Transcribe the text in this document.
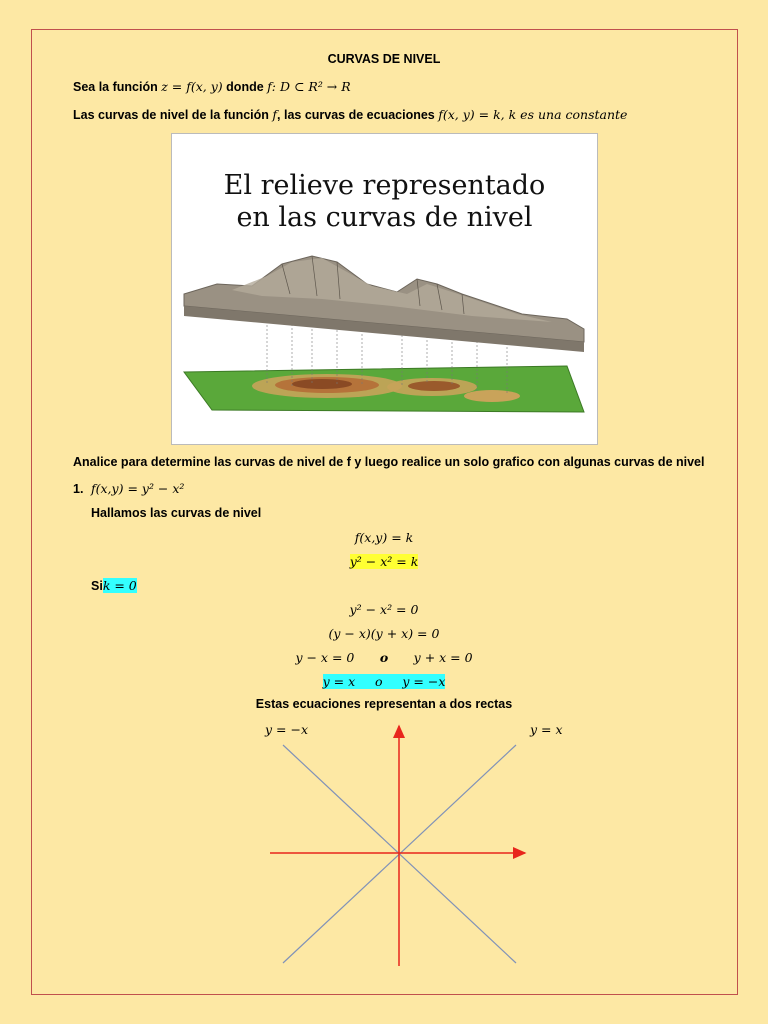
CURVAS DE NIVEL
Sea la función z = f(x, y) donde f: D ⊂ R² → R
Las curvas de nivel de la función f, las curvas de ecuaciones f(x, y) = k, k es una constante
El relieve representado
en las curvas de nivel
Analice para determine las curvas de nivel de f y luego realice un solo grafico con algunas curvas de nivel
1. f(x,y) = y² − x²
Hallamos las curvas de nivel
f(x,y) = k
y² − x² = k
Sik = 0
y² − x² = 0
(y − x)(y + x) = 0
y − x = 0 o y + x = 0
y = x     o     y = −x
Estas ecuaciones representan a dos rectas
y = −x	y = x
